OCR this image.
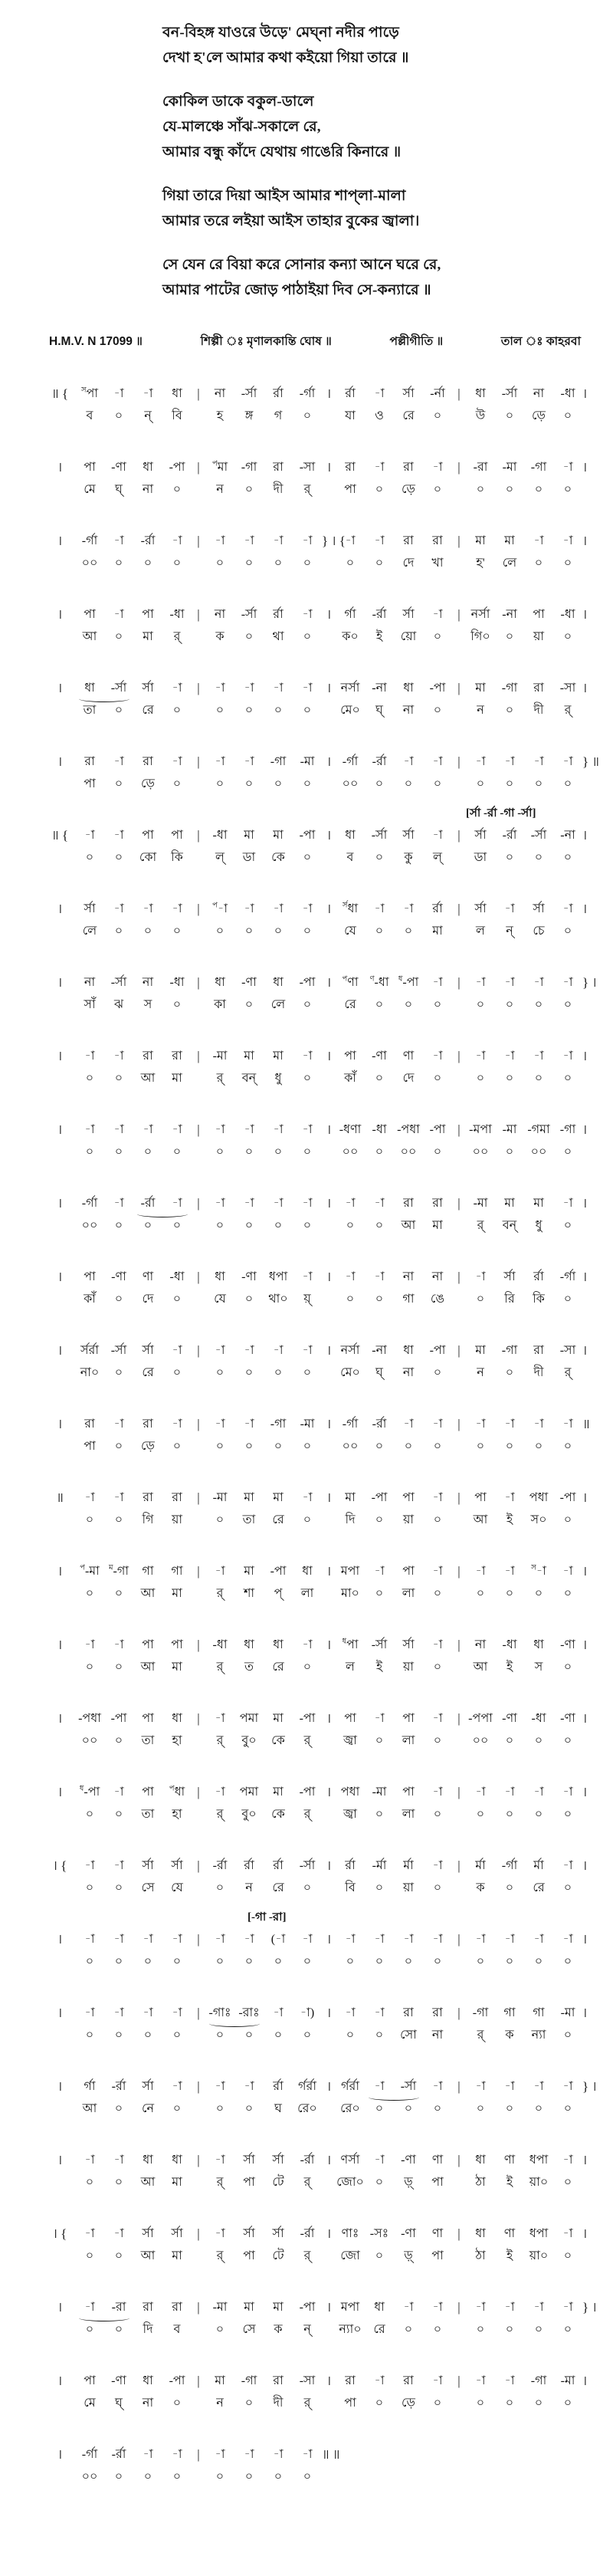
বন-বিহঙ্গ যাওরে উড়ে' মেঘ্‌না নদীর পাড়ে
দেখা হ'লে আমার কথা কইয়ো গিয়া তারে ॥
কোকিল ডাকে বকুল-ডালে
যে-মালঞ্চে সাঁঝ-সকালে রে,
আমার বন্ধু কাঁদে যেথায় গাঙেরি কিনারে ॥
গিয়া তারে দিয়া আইস আমার শাপ্‌লা-মালা
আমার তরে লইয়া আইস তাহার বুকের জ্বালা।
সে যেন রে বিয়া করে সোনার কন্যা আনে ঘরে রে,
আমার পাটের জোড় পাঠাইয়া দিব সে-কন্যারে ॥
H.M.V. N 17099 ॥	শিল্পী ঃ মৃণালকান্তি ঘোষ ॥	পল্লীগীতি ॥	তাল ঃ কাহরবা
॥ {	$^স$পা	-া	-া	ধা	|	না	-র্সা	র্রা	-র্গা ।	র্রা	-া	র্সা	-র্না |	ধা	-র্সা	না	-ধা ।
ব	০	ন্	বি	হ	ঙ্গ	গ	০	যা	ও	রে	০	উ	০	ড়ে	০
।	পা	-ণা	ধা	-পা |	$^প$মা	-গা	রা	-সা ।	রা	-া	রা	-া	|	-রা	-মা	-গা	-া ।
মে	ঘ্	না	০	ন	০	দী	র্	পা	০	ড়ে	০	০	০	০	০
।	-র্গা	-া	-র্রা	-া	|	-া	-া	-া	-া } । { -া	-া	রা	রা	|	মা	মা	-া	-া ।
০০	০	০	০	০	০	০	০	০	০	দে	খা	হ'	লে	০	০
।	পা	-া	পা	-ধা |	না	-র্সা	র্রা	-া	।	র্গা	-র্রা	র্সা	-া	| নর্সা -না	পা	-ধা ।
আ	০	মা	র্	ক	০	থা	০	ক০	ই	য়ো	০	গি০	০	য়া	০
।	ধা	-র্সা	র্সা	-া	|	-া	-া	-া	-া	। নর্সা -না	ধা	-পা |	মা	-গা	রা	-সা ।
তা	০	রে	০	০	০	০	০	মে০	ঘ্	না	০	ন	০	দী	র্
।	রা	-া	রা	-া	|	-া	-া	-গা	-মা । -র্গা	-র্রা	-া	-া	|	-া	-া	-া	-া } ॥
পা	০	ড়ে	০	০	০	০	০	০০	০	০	০	০	০	০	০
[র্সা -র্রা -গা -র্সা]
॥ {	-া	-া	পা	পা	|	-ধা	মা	মা	-পা ।	ধা	-র্সা	র্সা	-া	|	র্সা	-র্রা	-র্সা	-না ।
০	০	কো	কি	ল্	ডা	কে	০	ব	০	কু	ল্	ডা	০	০	০
।	র্সা	-া	-া	-া	|	$^প$-া	-া	-া	-া	।	$^{র্স}$ধা	-া	-া	র্রা	|	র্সা	-া	র্সা	-া ।
লে	০	০	০	০	০	০	০	যে	০	০	মা	ল	ন্	চে	০
।	না	-র্সা	না	-ধা |	ধা	-ণা	ধা	-পা ।	$^প$ণা	$^ণ$-ধা	$^ধ$-পা	-া	|	-া	-া	-া	-া } ।
সাঁ	ঝ	স	০	কা	০	লে	০	রে	০	০	০	০	০	০	০
।	-া	-া	রা	রা	|	-মা	মা	মা	-া	।	পা	-ণা	ণা	-া	|	-া	-া	-া	-া ।
০	০	আ	মা	র্	বন্	ধু	০	কাঁ	০	দে	০	০	০	০	০
।	-া	-া	-া	-া	|	-া	-া	-া	-া	। -ধণা -ধা -পধা -পা | -মপা -মা -গমা -গা ।
০	০	০	০	০	০	০	০	০০	০	০০	০	০০	০	০০	০
।	-র্গা	-া	-র্রা	-া	|	-া	-া	-া	-া	।	-া	-া	রা	রা	|	-মা	মা	মা	-া ।
০০	০	০	০	০	০	০	০	০	০	আ	মা	র্	বন্	ধু	০
।	পা	-ণা	ণা	-ধা |	ধা	-ণা ধপা	-া	।	-া	-া	না	না	|	-া	র্সা	র্রা	-র্গা ।
কাঁ	০	দে	০	যে	০	থা০	য়্	০	০	গা	ঙে	০	রি	কি	০
।	র্সর্রা -র্সা	র্সা	-া	|	-া	-া	-া	-া	। নর্সা -না	ধা	-পা |	মা	-গা	রা	-সা ।
না০	০	রে	০	০	০	০	০	মে০	ঘ্	না	০	ন	০	দী	র্
।	রা	-া	রা	-া	|	-া	-া	-গা	-মা । -র্গা	-র্রা	-া	-া	|	-া	-া	-া	-া ॥
পা	০	ড়ে	০	০	০	০	০	০০	০	০	০	০	০	০	০
॥	-া	-া	রা	রা	|	-মা	মা	মা	-া	।	মা	-পা	পা	-া	|	পা	-া	পধা -পা ।
০	০	গি	য়া	০	তা	রে	০	দি	০	য়া	০	আ	ই	স০	০
।	$^প$-মা	$^ম$-গা	গা	গা	|	-া	মা	-পা	ধা	। মপা	-া	পা	-া	|	-া	-া	$^স$-া	-া ।
০	০	আ	মা	র্	শা	প্	লা	মা০	০	লা	০	০	০	০	০
।	-া	-া	পা	পা	|	-ধা	ধা	ধা	-া	।	$^ধ$পা	-র্সা	র্সা	-া	|	না	-ধা	ধা	-ণা ।
০	০	আ	মা	র্	ত	রে	০	ল	ই	য়া	০	আ	ই	স	০
।	-পধা -পা	পা	ধা	|	-া	পমা	মা	-পা ।	পা	-া	পা	-া	| -পপা -ণা	-ধা	-ণা ।
০০	০	তা	হা	র্	বু০	কে	র্	জ্বা	০	লা	০	০০	০	০	০
।	$^ধ$-পা	-া	পা	$^প$ধা |	-া	পমা	মা	-পা । পধা	-মা	পা	-া	|	-া	-া	-া	-া ।
০	০	তা	হা	র্	বু০	কে	র্	জ্বা	০	লা	০	০	০	০	০
। {	-া	-া	র্সা	র্সা	|	-র্রা	র্রা	র্রা	-র্সা ।	র্রা	-র্মা	র্মা	-া	|	র্মা	-র্গা	র্মা	-া ।
০	০	সে	যে	০	ন	রে	০	বি	০	য়া	০	ক	০	রে	০
[-গা -রা]
।	-া	-া	-া	-া	|	-া	-া	(-া	-া	।	-া	-া	-া	-া	|	-া	-া	-া	-া ।
০	০	০	০	০	০	০	০	০	০	০	০	০	০	০	০
।	-া	-া	-া	-া	| -গাঃ -রাঃ	-া	-া) ।	-া	-া	রা	রা	|	-গা	গা	গা	-মা ।
০	০	০	০	০	০	০	০	০	০	সো	না	র্	ক	ন্যা	০
।	র্গা	-র্রা	র্সা	-া	|	-া	-া	র্রা	র্গর্রা । র্গর্রা	-া	-র্সা	-া	|	-া	-া	-া	-া } ।
আ	০	নে	০	০	০	ঘ	রে০	রে০	০	০	০	০	০	০	০
।	-া	-া	ধা	ধা	|	-া	র্সা	র্সা	-র্রা । ণর্সা	-া	-ণা	ণা	|	ধা	ণা	ধপা	-া ।
০	০	আ	মা	র্	পা	টে	র্	জো০ ০	ড়্	পা	ঠা	ই	য়া০	০
। {	-া	-া	র্সা	র্সা	|	-া	র্সা	র্সা	-র্রা । ণাঃ -সঃ -ণা	ণা	|	ধা	ণা	ধপা	-া ।
০	০	আ	মা	র্	পা	টে	র্	জো	০	ড়্	পা	ঠা	ই	য়া০	০
।	-া	-রা	রা	রা	|	-মা	মা	মা	-পা । মপা	ধা	-া	-া	|	-া	-া	-া	-া } ।
০	০	দি	ব	০	সে	ক	ন্	ন্যা০ রে	০	০	০	০	০	০
।	পা	-ণা	ধা	-পা |	মা	-গা	রা	-সা ।	রা	-া	রা	-া	|	-া	-া	-গা	-মা ।
মে	ঘ্	না	০	ন	০	দী	র্	পা	০	ড়ে	০	০	০	০	০
।	-র্গা	-র্রা	-া	-া	|	-া	-া	-া	-া ॥ ॥
০০	০	০	০	০	০	০	০
